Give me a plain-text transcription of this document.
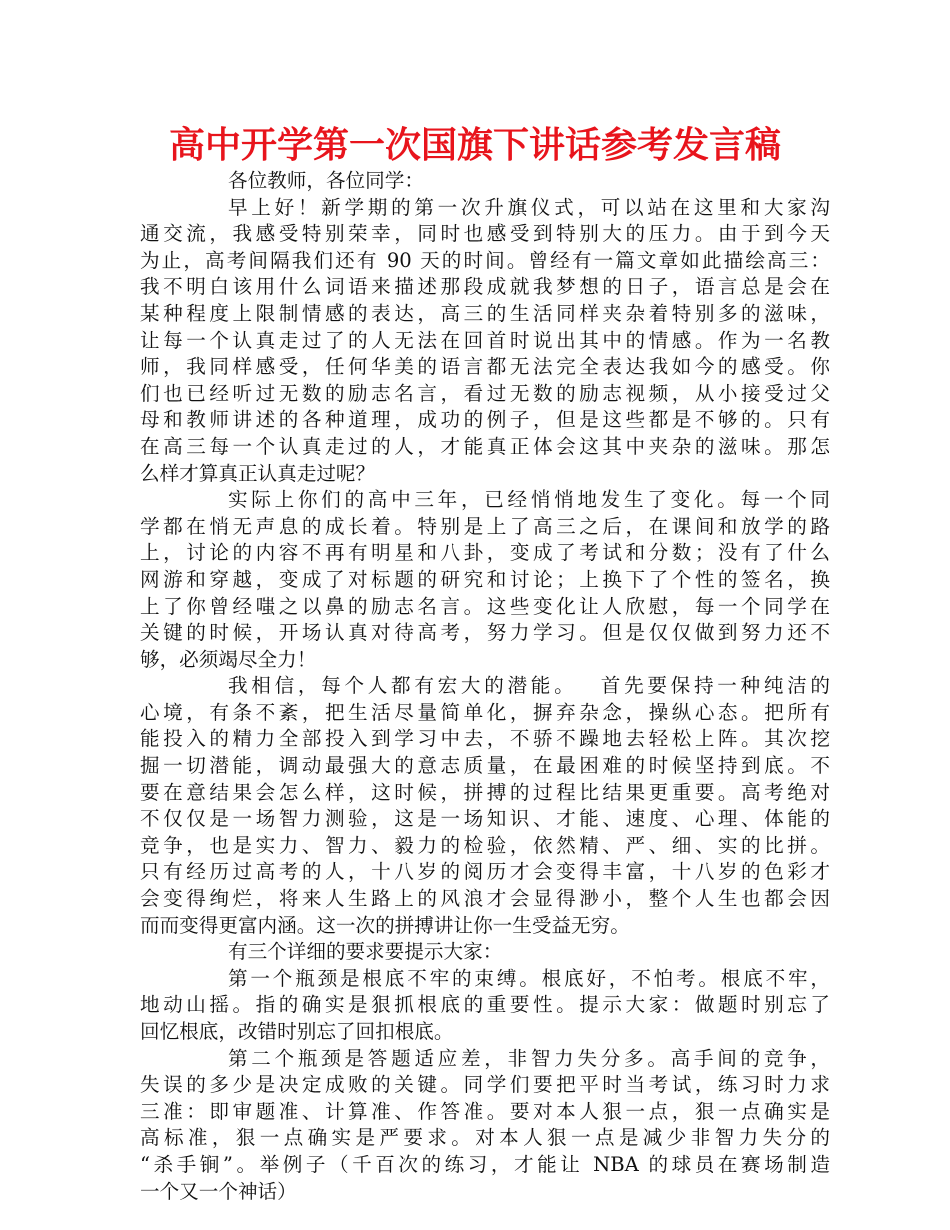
高中开学第一次国旗下讲话参考发言稿
各位教师，各位同学：
早上好！新学期的第一次升旗仪式，可以站在这里和大家沟
通交流，我感受特别荣幸，同时也感受到特别大的压力。由于到今天
为止，高考间隔我们还有 90 天的时间。曾经有一篇文章如此描绘高三：
我不明白该用什么词语来描述那段成就我梦想的日子，语言总是会在
某种程度上限制情感的表达，高三的生活同样夹杂着特别多的滋味，
让每一个认真走过了的人无法在回首时说出其中的情感。作为一名教
师，我同样感受，任何华美的语言都无法完全表达我如今的感受。你
们也已经听过无数的励志名言，看过无数的励志视频，从小接受过父
母和教师讲述的各种道理，成功的例子，但是这些都是不够的。只有
在高三每一个认真走过的人，才能真正体会这其中夹杂的滋味。那怎
么样才算真正认真走过呢？
实际上你们的高中三年，已经悄悄地发生了变化。每一个同
学都在悄无声息的成长着。特别是上了高三之后，在课间和放学的路
上，讨论的内容不再有明星和八卦，变成了考试和分数；没有了什么
网游和穿越，变成了对标题的研究和讨论；上换下了个性的签名，换
上了你曾经嗤之以鼻的励志名言。这些变化让人欣慰，每一个同学在
关键的时候，开场认真对待高考，努力学习。但是仅仅做到努力还不
够，必须竭尽全力！
我相信，每个人都有宏大的潜能。　 首先要保持一种纯洁的
心境，有条不紊，把生活尽量简单化，摒弃杂念，操纵心态。把所有
能投入的精力全部投入到学习中去，不骄不躁地去轻松上阵。其次挖
掘一切潜能，调动最强大的意志质量，在最困难的时候坚持到底。不
要在意结果会怎么样，这时候，拼搏的过程比结果更重要。高考绝对
不仅仅是一场智力测验，这是一场知识、才能、速度、心理、体能的
竞争，也是实力、智力、毅力的检验，依然精、严、细、实的比拼。
只有经历过高考的人，十八岁的阅历才会变得丰富，十八岁的色彩才
会变得绚烂，将来人生路上的风浪才会显得渺小，整个人生也都会因
而而变得更富内涵。这一次的拼搏讲让你一生受益无穷。
有三个详细的要求要提示大家：
第一个瓶颈是根底不牢的束缚。根底好，不怕考。根底不牢，
地动山摇。指的确实是狠抓根底的重要性。提示大家：做题时别忘了
回忆根底，改错时别忘了回扣根底。
第二个瓶颈是答题适应差，非智力失分多。高手间的竞争，
失误的多少是决定成败的关键。同学们要把平时当考试，练习时力求
三准：即审题准、计算准、作答准。要对本人狠一点，狠一点确实是
高标准，狠一点确实是严要求。对本人狠一点是减少非智力失分的
“杀手锏”。举例子（千百次的练习，才能让 NBA 的球员在赛场制造
一个又一个神话）
